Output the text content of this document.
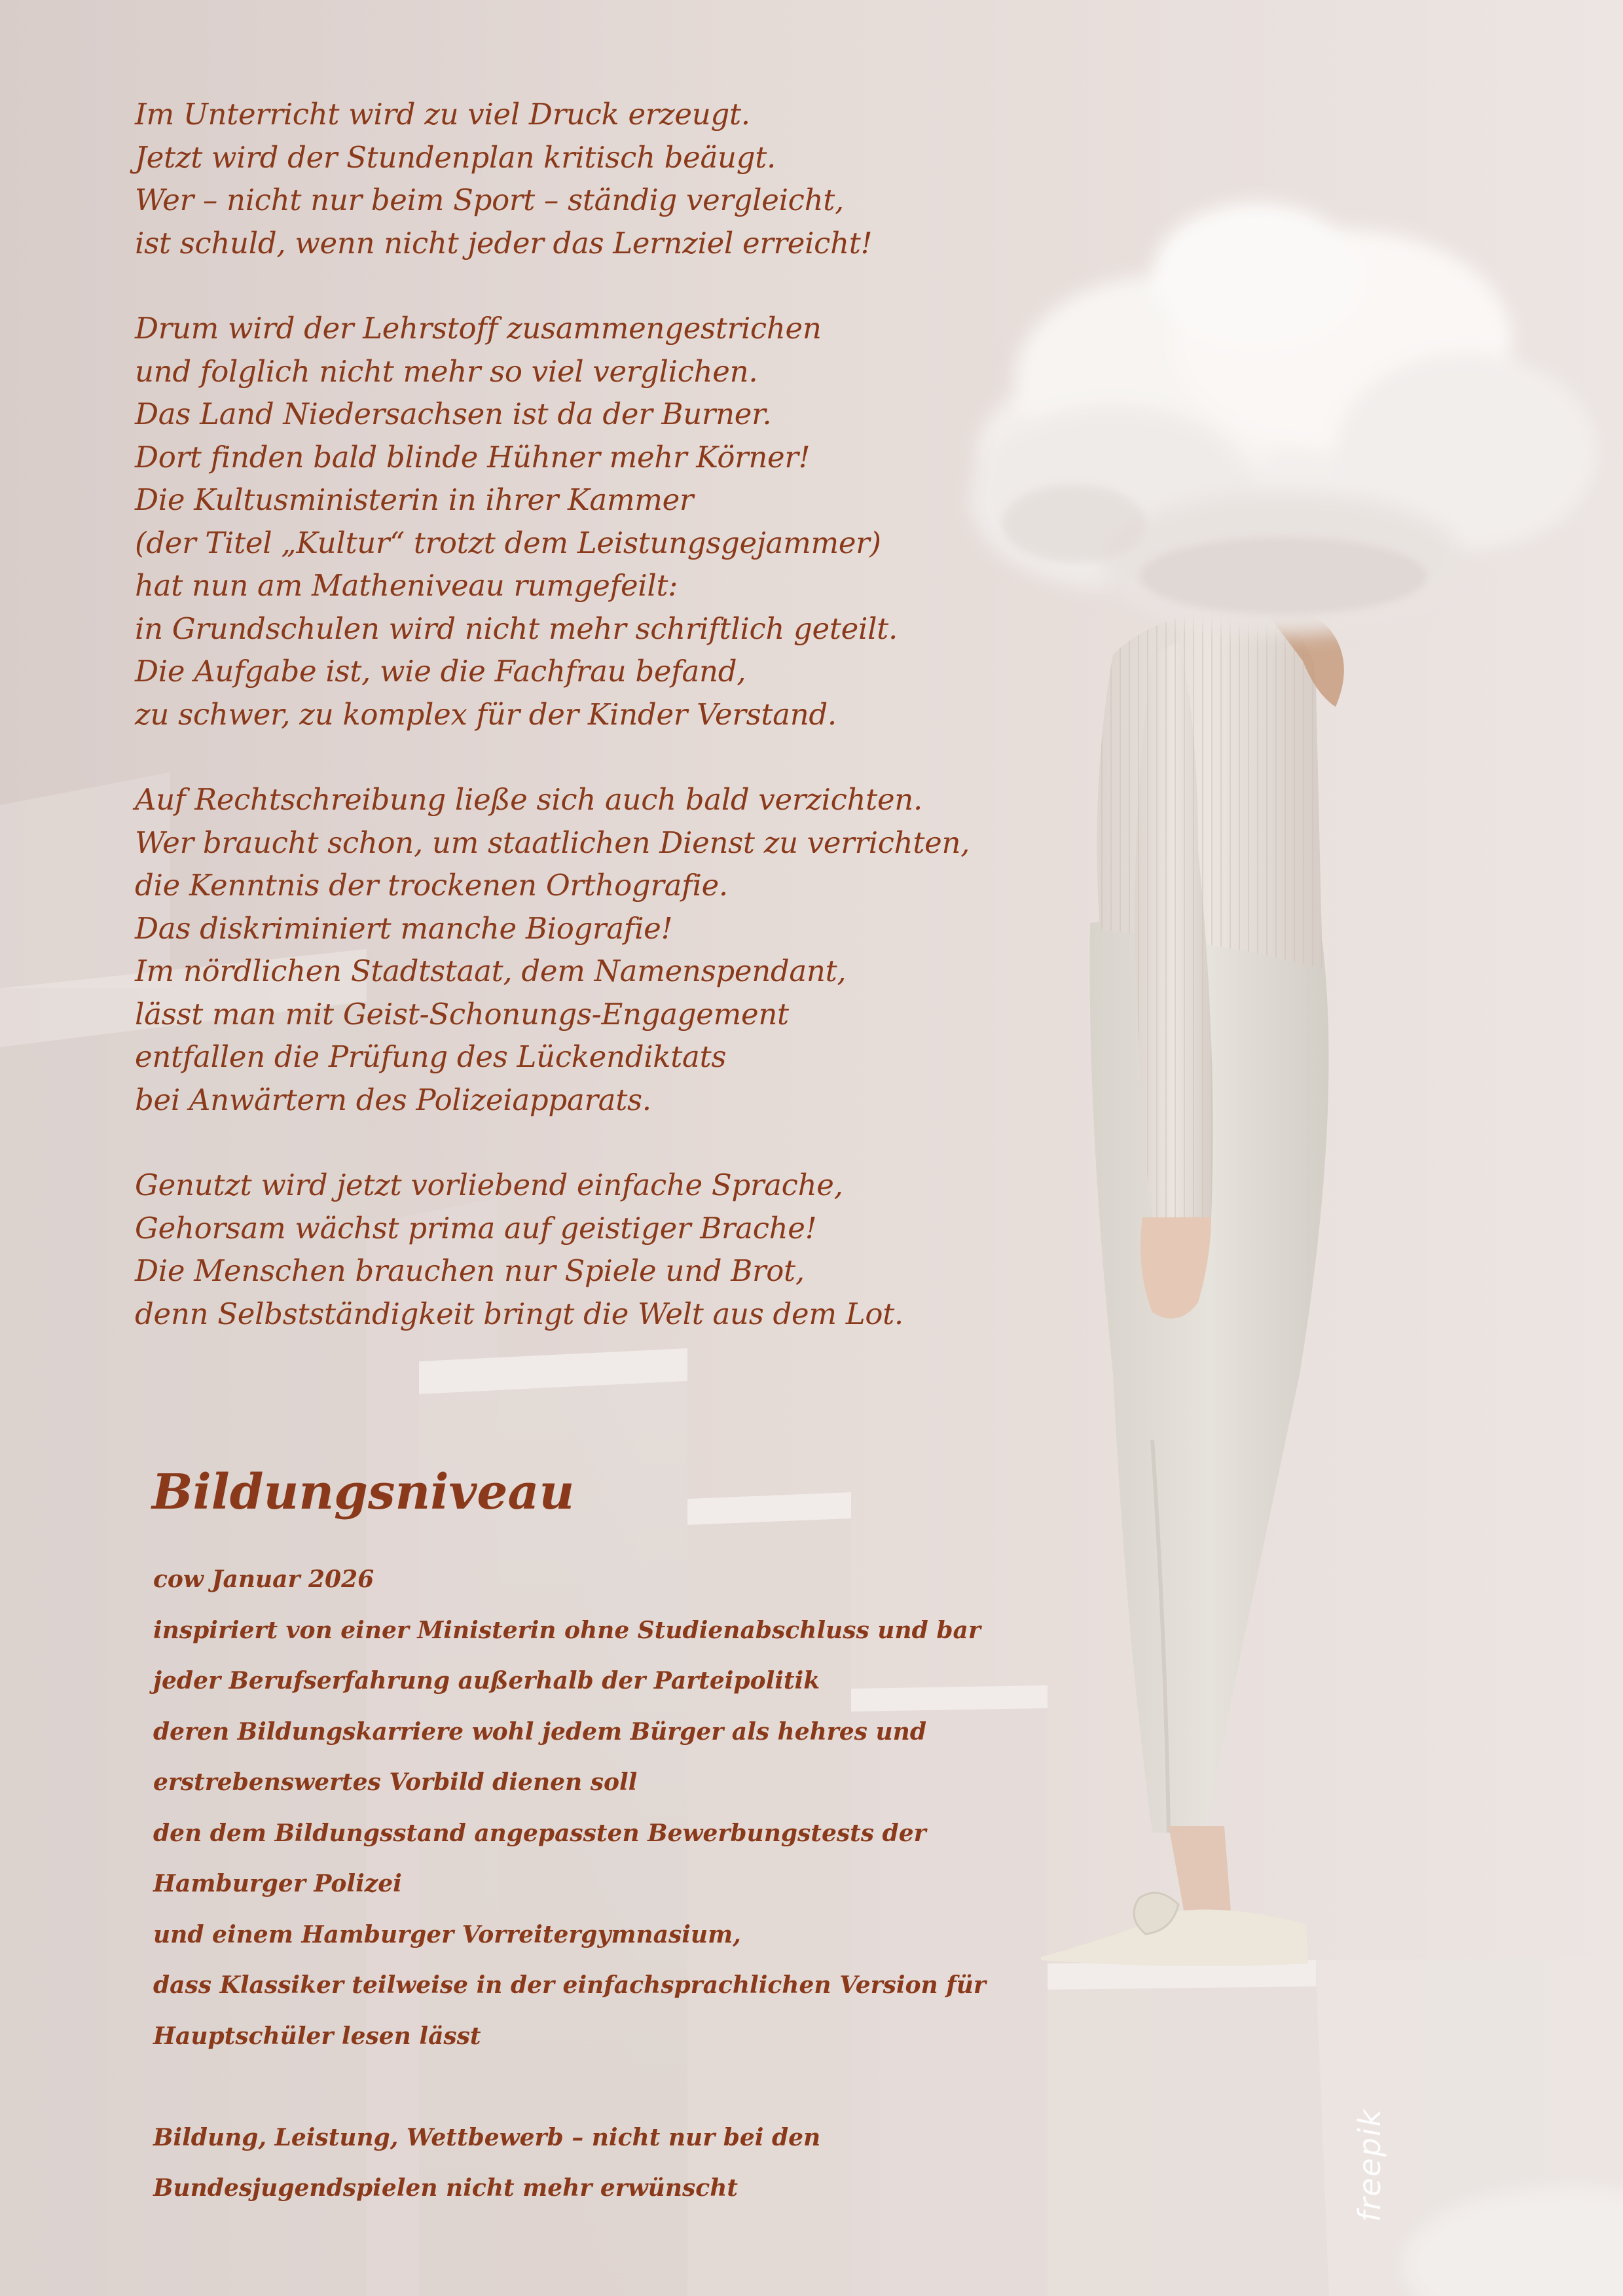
Im Unterricht wird zu viel Druck erzeugt.
Jetzt wird der Stundenplan kritisch beäugt.
Wer – nicht nur beim Sport – ständig vergleicht,
ist schuld, wenn nicht jeder das Lernziel erreicht!
Drum wird der Lehrstoff zusammengestrichen
und folglich nicht mehr so viel verglichen.
Das Land Niedersachsen ist da der Burner.
Dort finden bald blinde Hühner mehr Körner!
Die Kultusministerin in ihrer Kammer
(der Titel „Kultur“ trotzt dem Leistungsgejammer)
hat nun am Matheniveau rumgefeilt:
in Grundschulen wird nicht mehr schriftlich geteilt.
Die Aufgabe ist, wie die Fachfrau befand,
zu schwer, zu komplex für der Kinder Verstand.
Auf Rechtschreibung ließe sich auch bald verzichten.
Wer braucht schon, um staatlichen Dienst zu verrichten,
die Kenntnis der trockenen Orthografie.
Das diskriminiert manche Biografie!
Im nördlichen Stadtstaat, dem Namenspendant,
lässt man mit Geist-Schonungs-Engagement
entfallen die Prüfung des Lückendiktats
bei Anwärtern des Polizeiapparats.
Genutzt wird jetzt vorliebend einfache Sprache,
Gehorsam wächst prima auf geistiger Brache!
Die Menschen brauchen nur Spiele und Brot,
denn Selbstständigkeit bringt die Welt aus dem Lot.
Bildungsniveau
cow Januar 2026
inspiriert von einer Ministerin ohne Studienabschluss und bar
jeder Berufserfahrung außerhalb der Parteipolitik
deren Bildungskarriere wohl jedem Bürger als hehres und
erstrebenswertes Vorbild dienen soll
den dem Bildungsstand angepassten Bewerbungstests der
Hamburger Polizei
und einem Hamburger Vorreitergymnasium,
dass Klassiker teilweise in der einfachsprachlichen Version für
Hauptschüler lesen lässt
Bildung, Leistung, Wettbewerb – nicht nur bei den
Bundesjugendspielen nicht mehr erwünscht	freepik
